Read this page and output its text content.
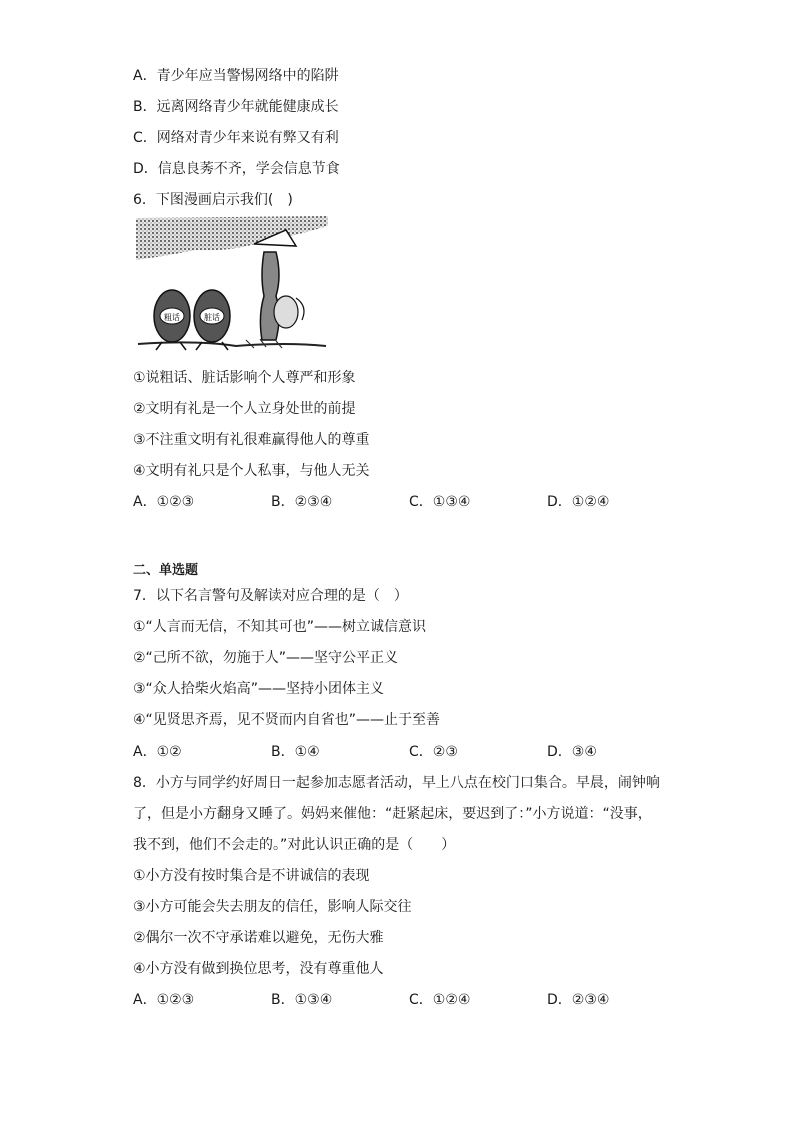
A．青少年应当警惕网络中的陷阱
B．远离网络青少年就能健康成长
C．网络对青少年来说有弊又有利
D．信息良莠不齐，学会信息节食
6．下图漫画启示我们(　)
粗话	脏话
①说粗话、脏话影响个人尊严和形象
②文明有礼是一个人立身处世的前提
③不注重文明有礼很难赢得他人的尊重
④文明有礼只是个人私事，与他人无关
A．①②③	B．②③④	C．①③④	D．①②④
二、单选题
7．以下名言警句及解读对应合理的是（　）
①“人言而无信，不知其可也”——树立诚信意识
②“己所不欲，勿施于人”——坚守公平正义
③“众人拾柴火焰高”——坚持小团体主义
④“见贤思齐焉，见不贤而内自省也”——止于至善
A．①②	B．①④	C．②③	D．③④
8．小方与同学约好周日一起参加志愿者活动，早上八点在校门口集合。早晨，闹钟响
了，但是小方翻身又睡了。妈妈来催他：“赶紧起床，要迟到了：”小方说道：“没事，
我不到，他们不会走的。”对此认识正确的是（　　）
①小方没有按时集合是不讲诚信的表现
③小方可能会失去朋友的信任，影响人际交往
②偶尔一次不守承诺难以避免，无伤大雅
④小方没有做到换位思考，没有尊重他人
A．①②③	B．①③④	C．①②④	D．②③④
